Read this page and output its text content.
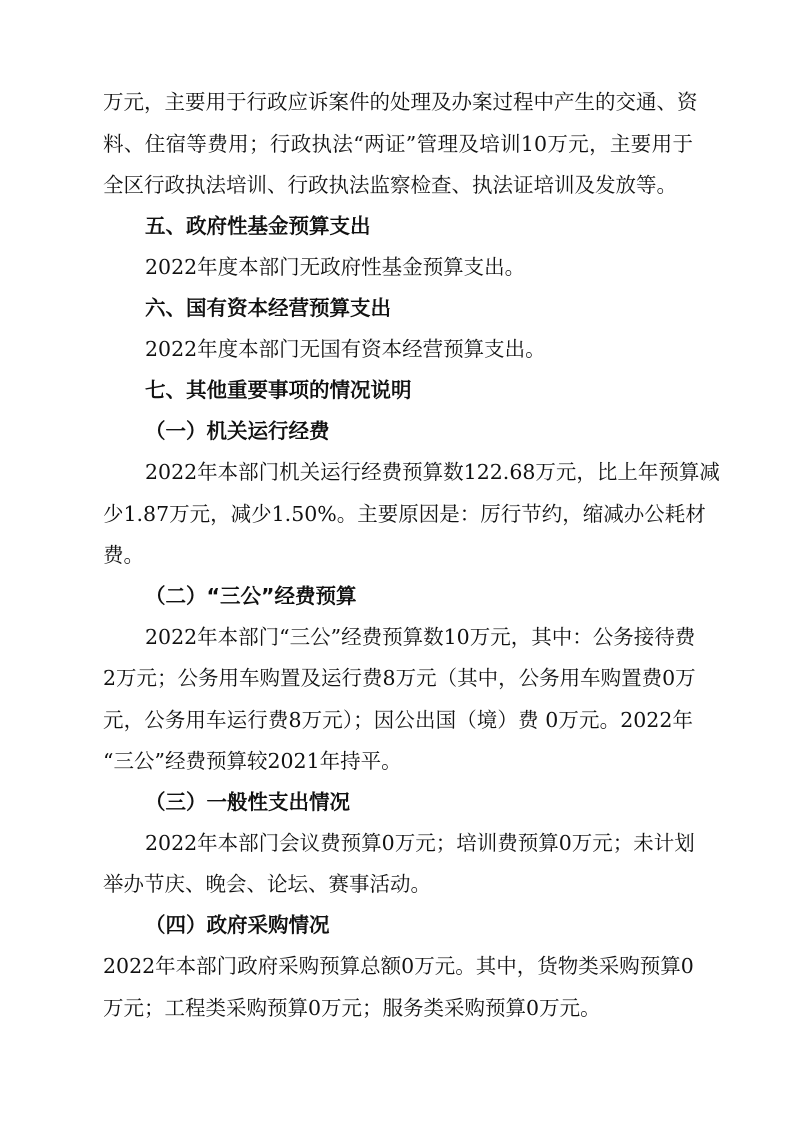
万元，主要用于行政应诉案件的处理及办案过程中产生的交通、资
料、住宿等费用；行政执法“两证”管理及培训10万元，主要用于
全区行政执法培训、行政执法监察检查、执法证培训及发放等。
五、政府性基金预算支出
2022年度本部门无政府性基金预算支出。
六、国有资本经营预算支出
2022年度本部门无国有资本经营预算支出。
七、其他重要事项的情况说明
（一）机关运行经费
2022年本部门机关运行经费预算数122.68万元，比上年预算减
少1.87万元，减少1.50%。主要原因是：厉行节约，缩减办公耗材
费。
（二）“三公”经费预算
2022年本部门“三公”经费预算数10万元，其中：公务接待费
2万元；公务用车购置及运行费8万元（其中，公务用车购置费0万
元，公务用车运行费8万元）；因公出国（境）费 0万元。2022年
“三公”经费预算较2021年持平。
（三）一般性支出情况
2022年本部门会议费预算0万元；培训费预算0万元；未计划
举办节庆、晚会、论坛、赛事活动。
（四）政府采购情况
2022年本部门政府采购预算总额0万元。其中，货物类采购预算0
万元；工程类采购预算0万元；服务类采购预算0万元。
